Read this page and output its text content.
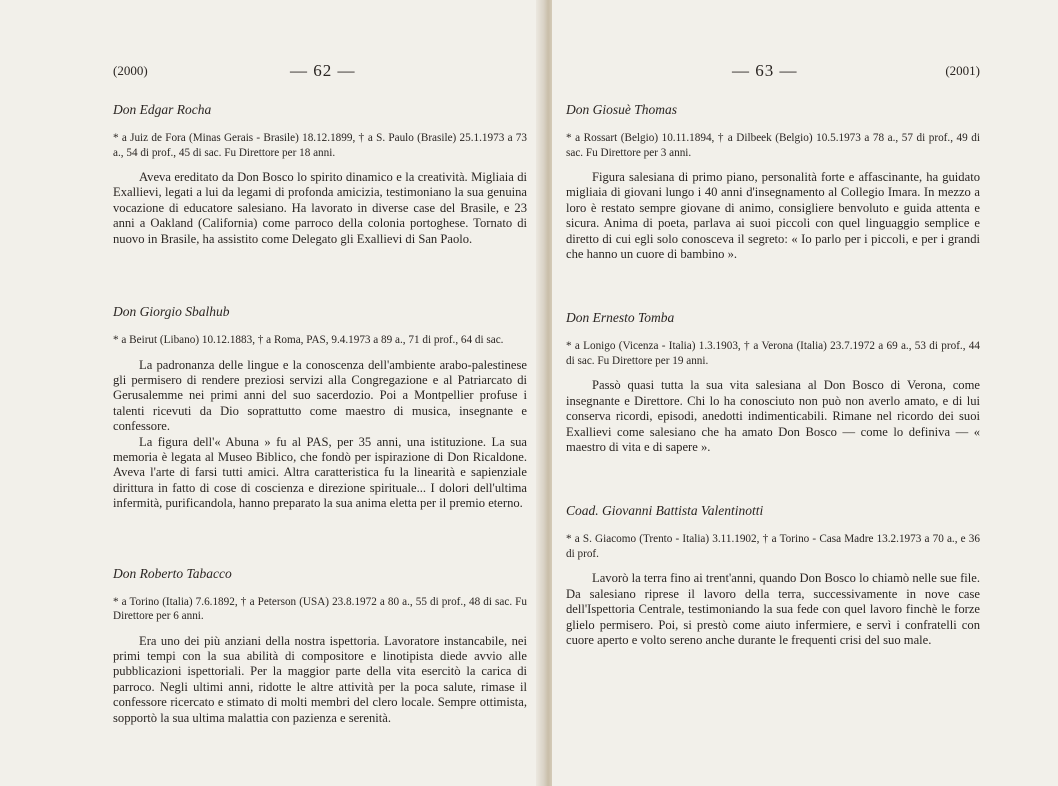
(2000)	— 62 —
Don Edgar Rocha
* a Juiz de Fora (Minas Gerais - Brasile) 18.12.1899, † a S. Paulo (Brasile) 25.1.1973 a 73 a., 54 di prof., 45 di sac. Fu Direttore per 18 anni.

Aveva ereditato da Don Bosco lo spirito dinamico e la creatività. Migliaia di Exallievi, legati a lui da legami di profonda amicizia, testimoniano la sua genuina vocazione di educatore salesiano. Ha lavorato in diverse case del Brasile, e 23 anni a Oakland (California) come parroco della colonia portoghese. Tornato di nuovo in Brasile, ha assistito come Delegato gli Exallievi di San Paolo.

Don Giorgio Sbalhub
* a Beirut (Libano) 10.12.1883, † a Roma, PAS, 9.4.1973 a 89 a., 71 di prof., 64 di sac.

La padronanza delle lingue e la conoscenza dell'ambiente arabo-palestinese gli permisero di rendere preziosi servizi alla Congregazione e al Patriarcato di Gerusalemme nei primi anni del suo sacerdozio. Poi a Montpellier profuse i talenti ricevuti da Dio soprattutto come maestro di musica, insegnante e confessore.

La figura dell'« Abuna » fu al PAS, per 35 anni, una istituzione. La sua memoria è legata al Museo Biblico, che fondò per ispirazione di Don Ricaldone. Aveva l'arte di farsi tutti amici. Altra caratteristica fu la linearità e sapienziale dirittura in fatto di cose di coscienza e direzione spirituale... I dolori dell'ultima infermità, purificandola, hanno preparato la sua anima eletta per il premio eterno.

Don Roberto Tabacco
* a Torino (Italia) 7.6.1892, † a Peterson (USA) 23.8.1972 a 80 a., 55 di prof., 48 di sac. Fu Direttore per 6 anni.

Era uno dei più anziani della nostra ispettoria. Lavoratore instancabile, nei primi tempi con la sua abilità di compositore e linotipista diede avvio alle pubblicazioni ispettoriali. Per la maggior parte della vita esercitò la carica di parroco. Negli ultimi anni, ridotte le altre attività per la poca salute, rimase il confessore ricercato e stimato di molti membri del clero locale. Sempre ottimista, sopportò la sua ultima malattia con pazienza e serenità.

— 63 —	(2001)
Don Giosuè Thomas
* a Rossart (Belgio) 10.11.1894, † a Dilbeek (Belgio) 10.5.1973 a 78 a., 57 di prof., 49 di sac. Fu Direttore per 3 anni.

Figura salesiana di primo piano, personalità forte e affascinante, ha guidato migliaia di giovani lungo i 40 anni d'insegnamento al Collegio Imara. In mezzo a loro è restato sempre giovane di animo, consigliere benvoluto e guida attenta e sicura. Anima di poeta, parlava ai suoi piccoli con quel linguaggio semplice e diretto di cui egli solo conosceva il segreto: « Io parlo per i piccoli, e per i grandi che hanno un cuore di bambino ».

Don Ernesto Tomba
* a Lonigo (Vicenza - Italia) 1.3.1903, † a Verona (Italia) 23.7.1972 a 69 a., 53 di prof., 44 di sac. Fu Direttore per 19 anni.

Passò quasi tutta la sua vita salesiana al Don Bosco di Verona, come insegnante e Direttore. Chi lo ha conosciuto non può non averlo amato, e di lui conserva ricordi, episodi, anedotti indimenticabili. Rimane nel ricordo dei suoi Exallievi come salesiano che ha amato Don Bosco — come lo definiva — « maestro di vita e di sapere ».

Coad. Giovanni Battista Valentinotti
* a S. Giacomo (Trento - Italia) 3.11.1902, † a Torino - Casa Madre 13.2.1973 a 70 a., e 36 di prof.

Lavorò la terra fino ai trent'anni, quando Don Bosco lo chiamò nelle sue file. Da salesiano riprese il lavoro della terra, successivamente in nove case dell'Ispettoria Centrale, testimoniando la sua fede con quel lavoro finchè le forze glielo permisero. Poi, si prestò come aiuto infermiere, e servì i confratelli con cuore aperto e volto sereno anche durante le frequenti crisi del suo male.
